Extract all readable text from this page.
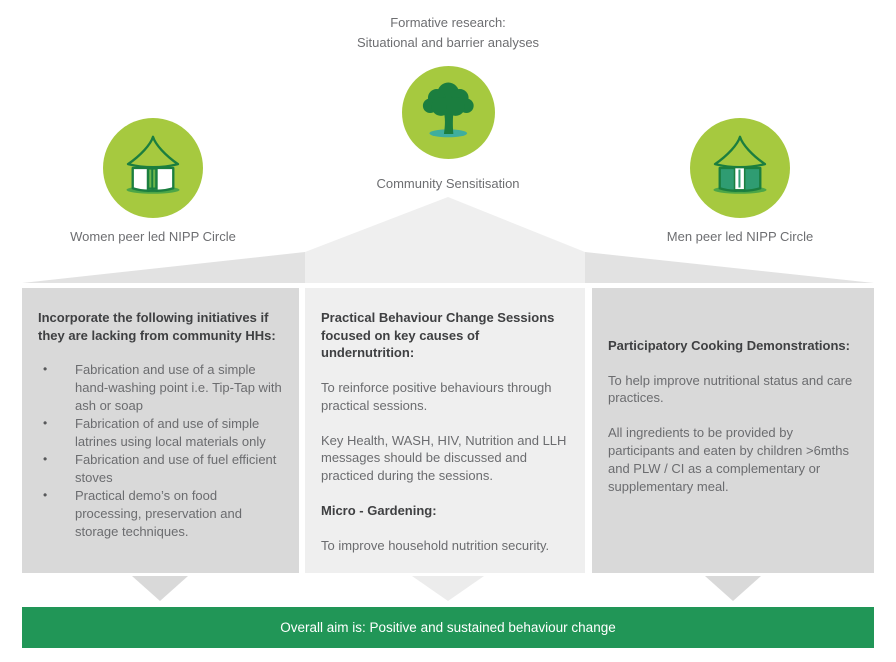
Formative research:
Situational and barrier analyses
Community Sensitisation
Women peer led NIPP Circle	Men peer led NIPP Circle

Incorporate the following initiatives if they are lacking from community HHs:

•	Fabrication and use of a simple hand-washing point i.e. Tip-Tap with ash or soap
•	Fabrication of and use of simple latrines using local materials only
•	Fabrication and use of fuel efficient stoves
•	Practical demo’s on food processing, preservation and storage techniques.

Practical Behaviour Change Sessions focused on key causes of undernutrition:

To reinforce positive behaviours through practical sessions.

Key Health, WASH, HIV, Nutrition and LLH messages should be discussed and practiced during the sessions.

Micro - Gardening:

To improve household nutrition security.

Participatory Cooking Demonstrations:

To help improve nutritional status and care practices.

All ingredients to be provided by participants and eaten by children >6mths and PLW / CI as a complementary or supplementary meal.

Overall aim is: Positive and sustained behaviour change
